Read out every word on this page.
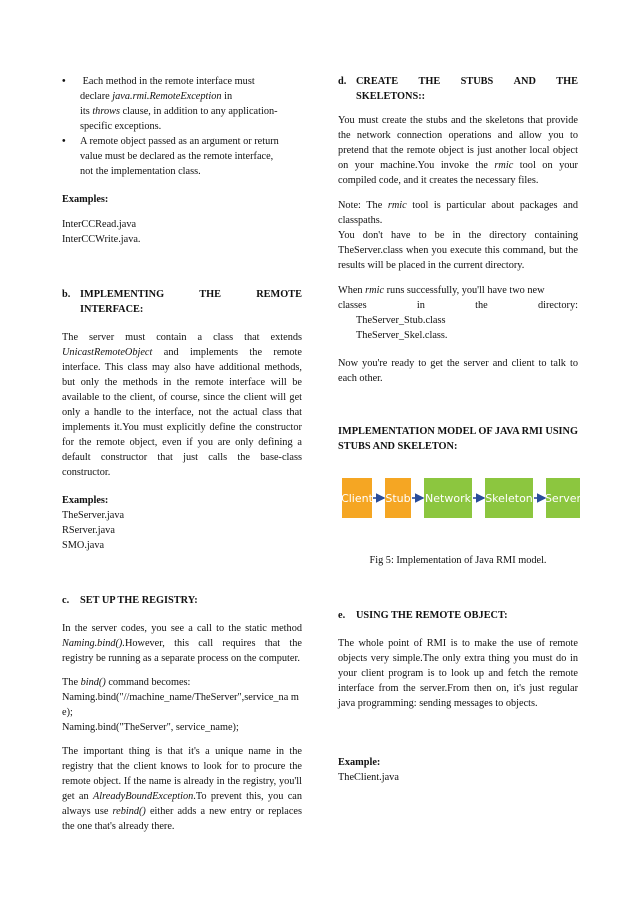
• Each method in the remote interface must
declare java.rmi.RemoteException in
its throws clause, in addition to any application-
specific exceptions.
• A remote object passed as an argument or return
value must be declared as the remote interface,
not the implementation class.

Examples:

InterCCRead.java
InterCCWrite.java.

b. IMPLEMENTING	THE	REMOTE
INTERFACE:

The server must contain a class that extends UnicastRemoteObject and implements the remote interface. This class may also have additional methods, but only the methods in the remote interface will be available to the client, of course, since the client will get only a handle to the interface, not the actual class that implements it.You must explicitly define the constructor for the remote object, even if you are only defining a default constructor that just calls the base-class constructor.

Examples:

TheServer.java
RServer.java
SMO.java

c.	SET UP THE REGISTRY:

In the server codes, you see a call to the static method Naming.bind().However, this call requires that the registry be running as a separate process on the computer.

The bind() command becomes:

Naming.bind("//machine_name/TheServer",service_na me);

Naming.bind("TheServer", service_name);

The important thing is that it's a unique name in the registry that the client knows to look for to procure the remote object. If the name is already in the registry, you'll get an AlreadyBoundException.To prevent this, you can always use rebind() either adds a new entry or replaces the one that's already there.

d. CREATE THE STUBS AND THE
SKELETONS::

You must create the stubs and the skeletons that provide the network connection operations and allow you to pretend that the remote object is just another local object on your machine.You invoke the rmic tool on your compiled code, and it creates the necessary files.

Note: The rmic tool is particular about packages and classpaths.

You don't have to be in the directory containing TheServer.class when you execute this command, but the results will be placed in the current directory.

When rmic runs successfully, you'll have two new

classes	in	the	directory:

TheServer_Stub.class
TheServer_Skel.class.

Now you're ready to get the server and client to talk to each other.

IMPLEMENTATION MODEL OF JAVA RMI USING STUBS AND SKELETON:

Client Stub Network Skeleton Server

Fig 5: Implementation of Java RMI model.

e.	USING THE REMOTE OBJECT:

The whole point of RMI is to make the use of remote objects very simple.The only extra thing you must do in your client program is to look up and fetch the remote interface from the server.From then on, it's just regular java programming: sending messages to objects.

Example:

TheClient.java
